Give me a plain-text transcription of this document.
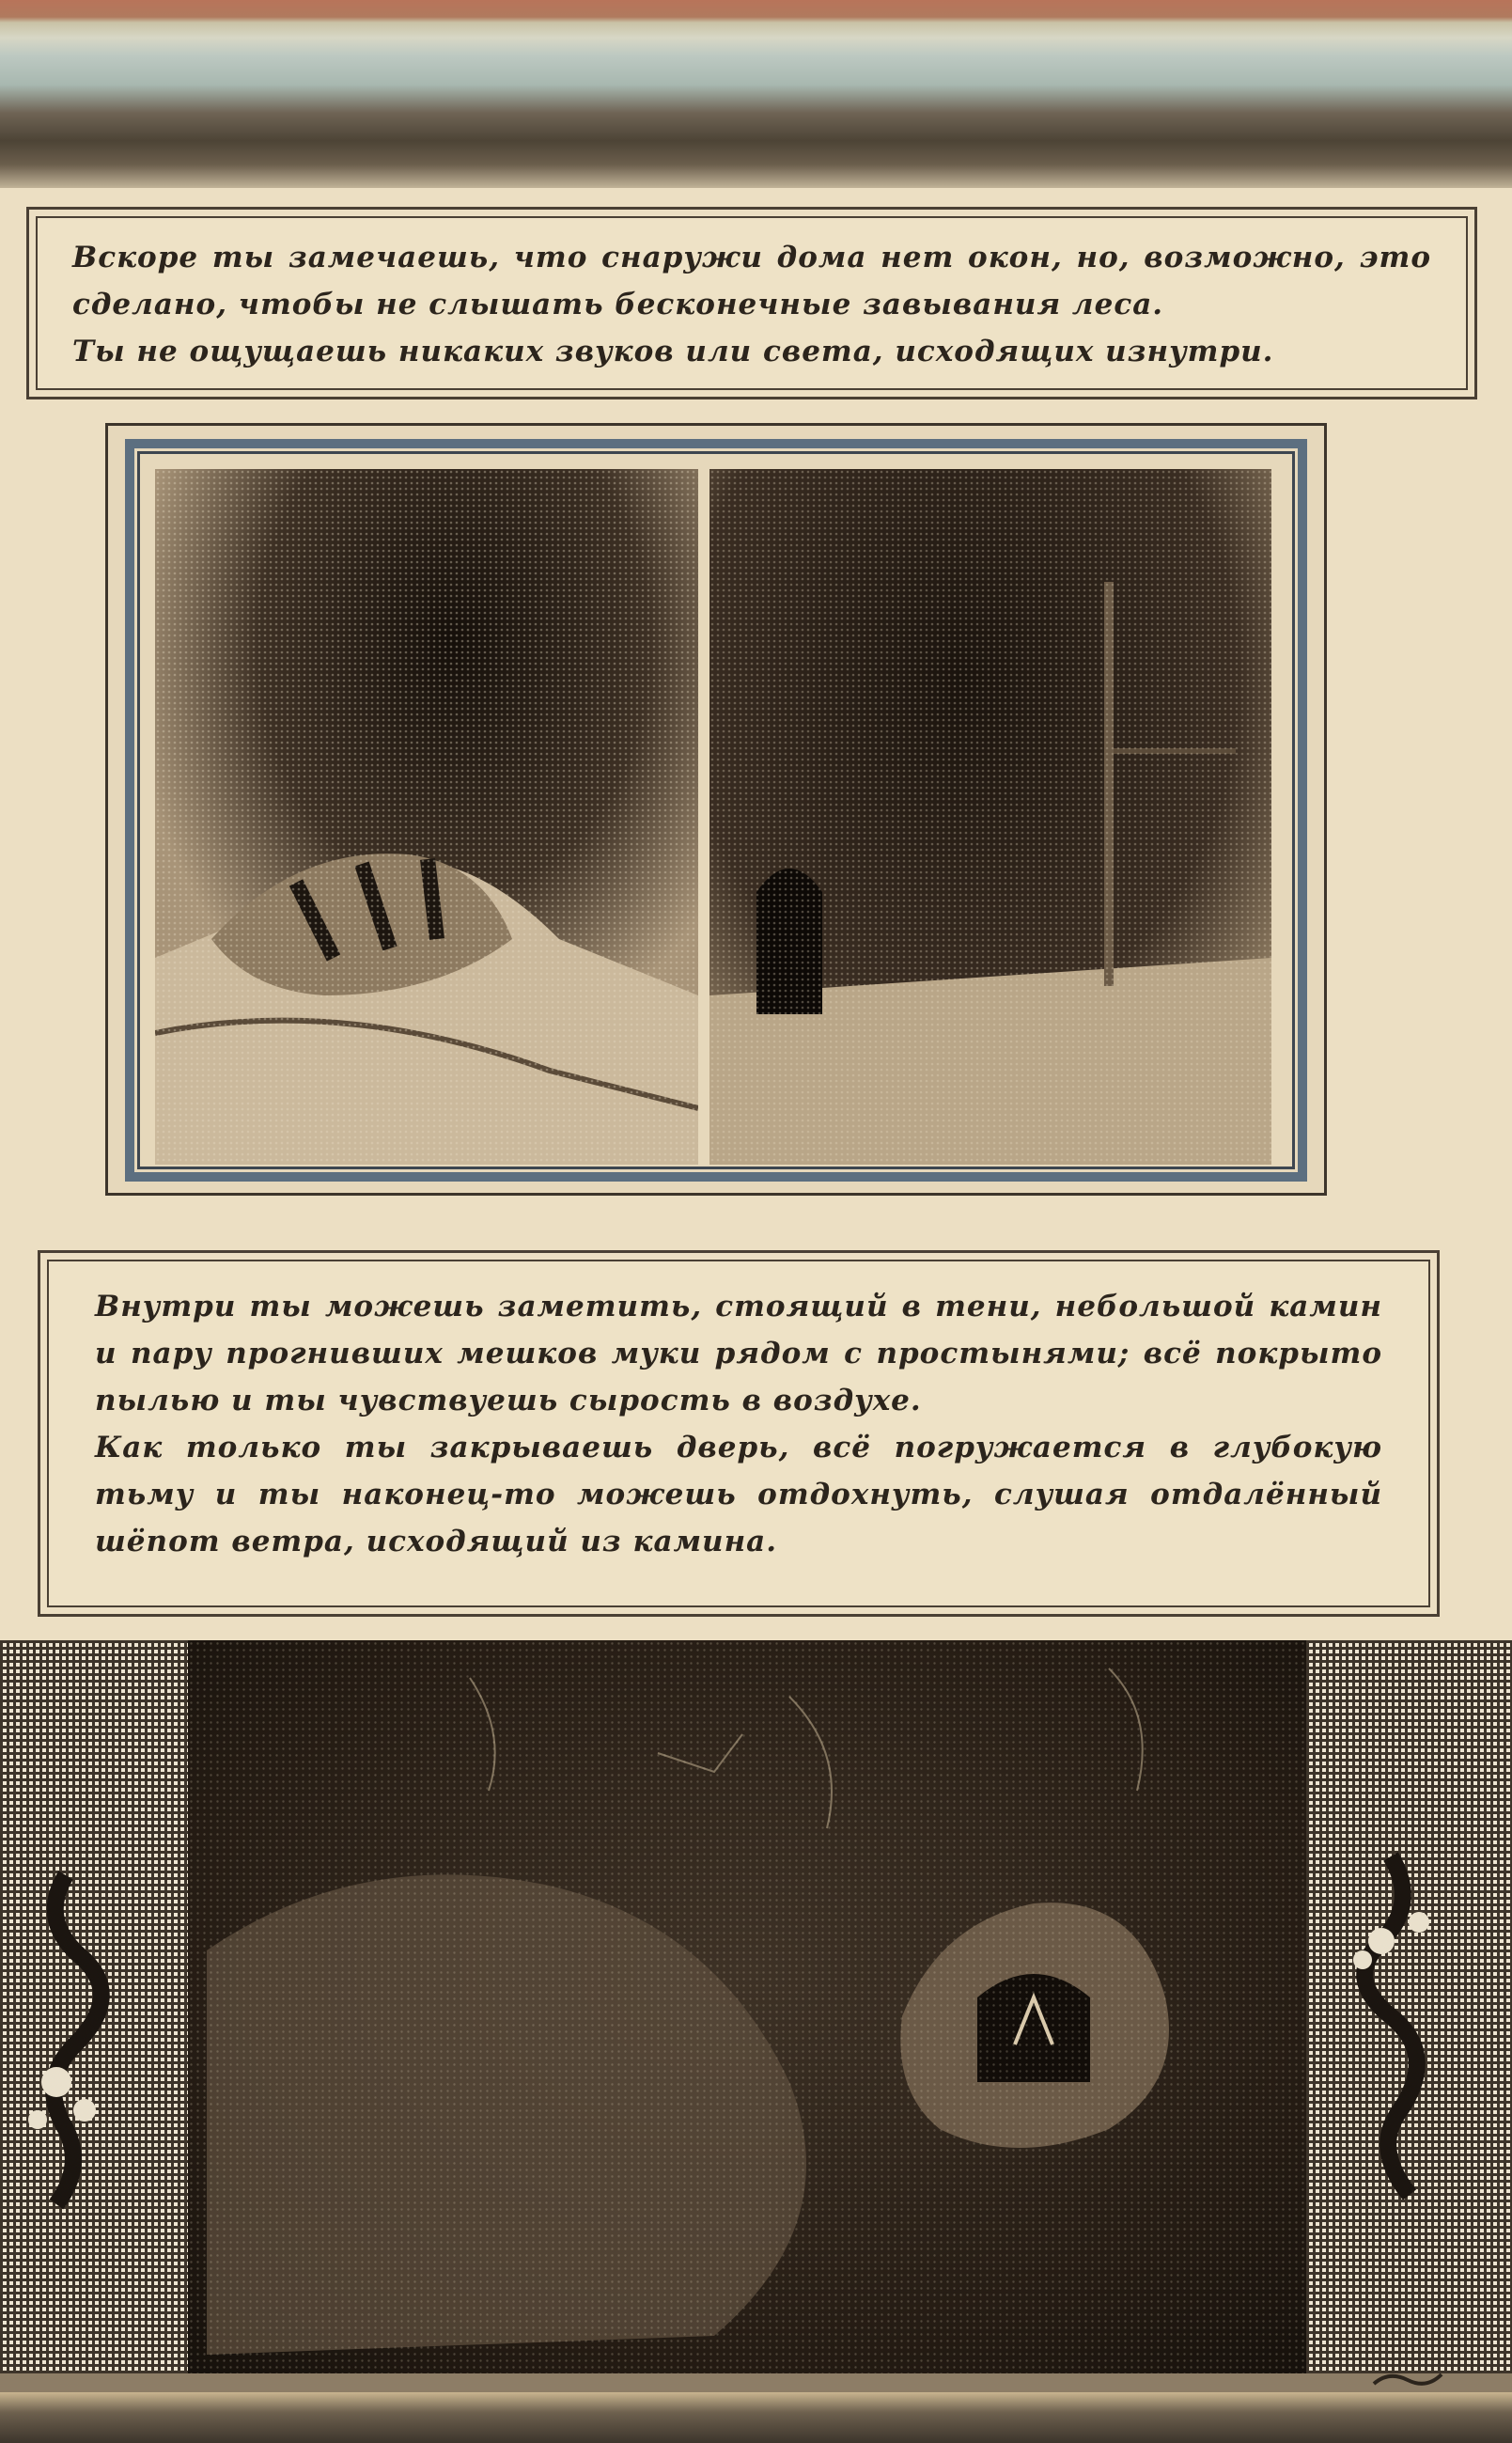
Вскоре ты замечаешь, что снаружи дома нет окон, но, возможно, это сделано, чтобы не слышать бесконечные завывания леса.

Ты не ощущаешь никаких звуков или света, исходящих изнутри.

Внутри ты можешь заметить, стоящий в тени, небольшой камин и пару прогнивших мешков муки рядом с простынями; всё покрыто пылью и ты чувствуешь сырость в воздухе.

Как только ты закрываешь дверь, всё погружается в глубокую тьму и ты наконец-то можешь отдохнуть, слушая отдалённый шёпот ветра, исходящий из камина.
